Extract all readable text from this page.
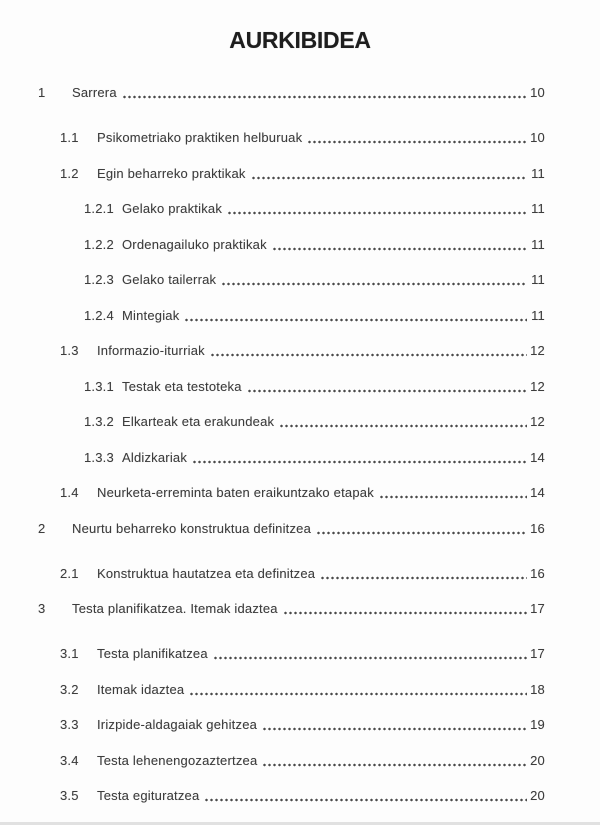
AURKIBIDEA
1	Sarrera	10
1.1	Psikometriako praktiken helburuak	10
1.2	Egin beharreko praktikak	11
1.2.1 Gelako praktikak	11
1.2.2 Ordenagailuko praktikak	11
1.2.3 Gelako tailerrak	11
1.2.4 Mintegiak	11
1.3	Informazio-iturriak	12
1.3.1 Testak eta testoteka	12
1.3.2 Elkarteak eta erakundeak	12
1.3.3 Aldizkariak	14
1.4	Neurketa-erreminta baten eraikuntzako etapak	14
2	Neurtu beharreko konstruktua definitzea	16
2.1	Konstruktua hautatzea eta definitzea	16
3	Testa planifikatzea. Itemak idaztea	17
3.1	Testa planifikatzea	17
3.2	Itemak idaztea	18
3.3	Irizpide-aldagaiak gehitzea	19
3.4	Testa lehenengozaztertzea	20
3.5	Testa egituratzea	20
